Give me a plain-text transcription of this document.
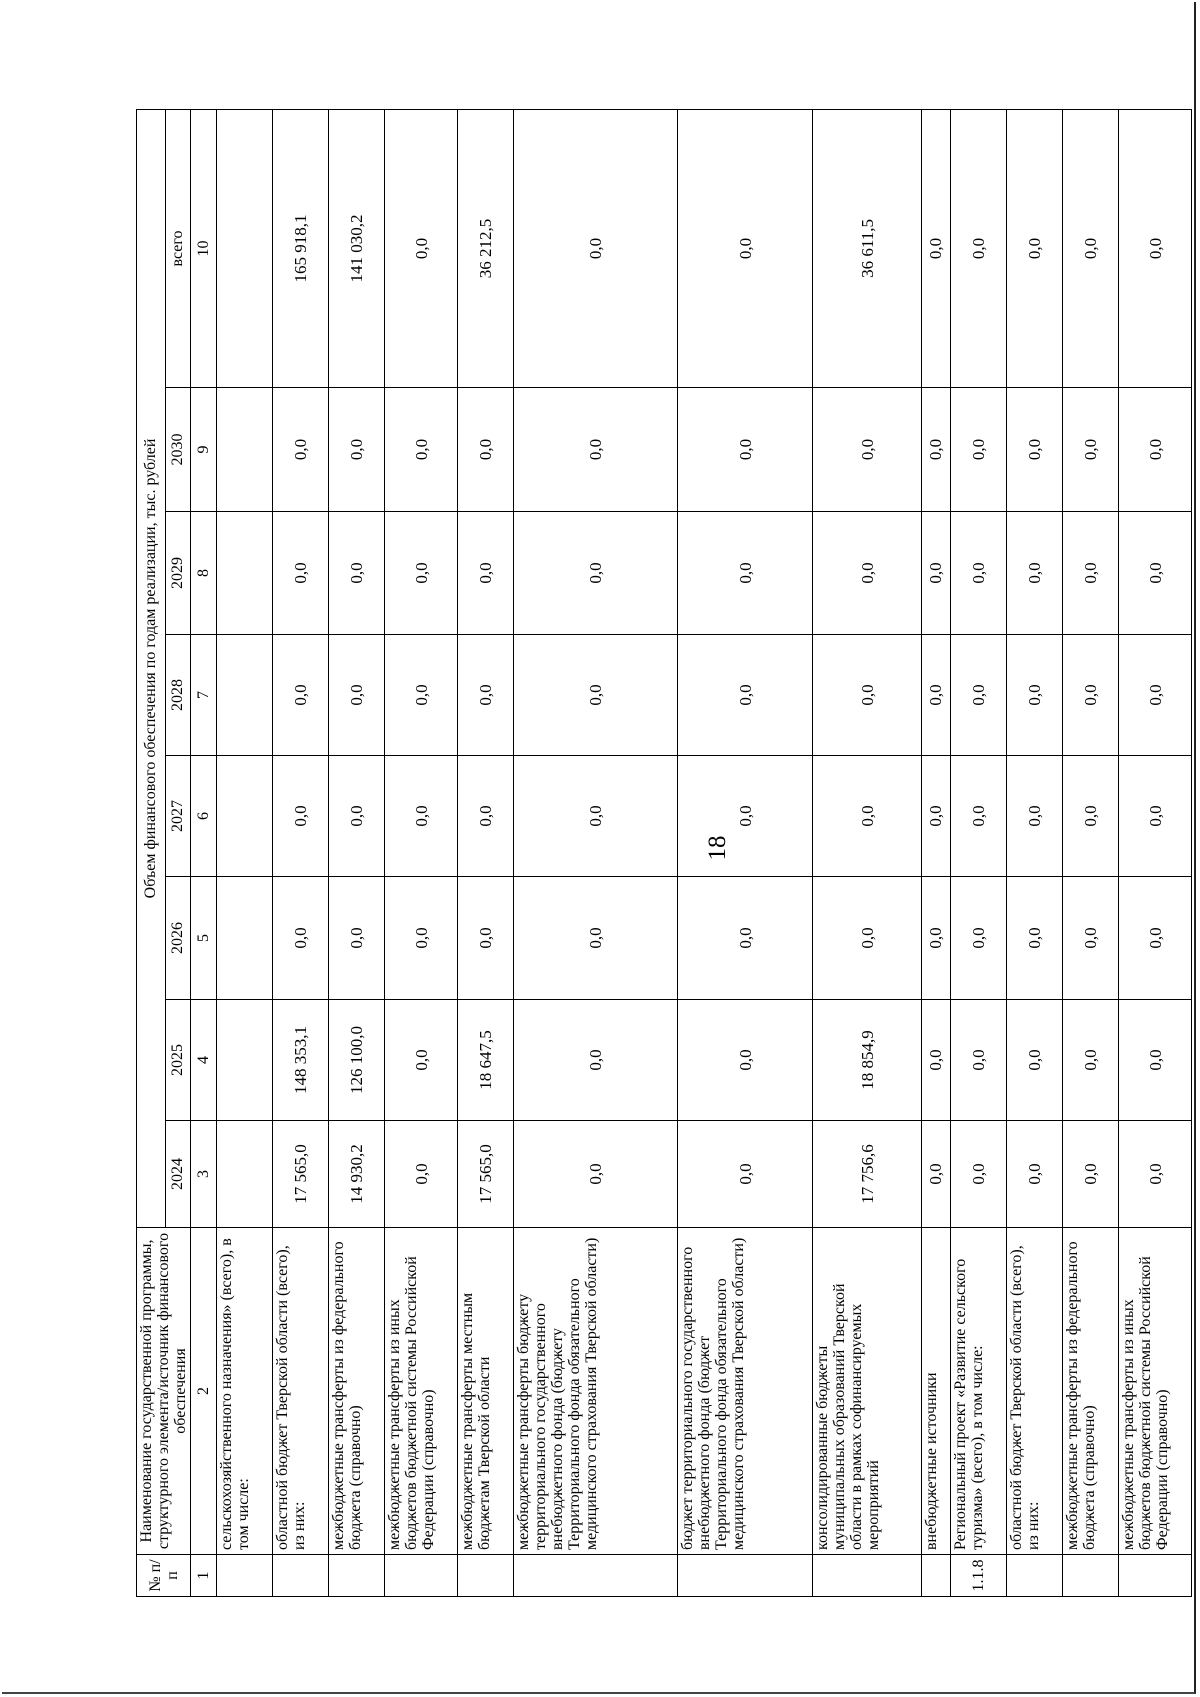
18
№ п/п	Наименование государственной программы, структурного элемента/источник финансового обеспечения	Объем финансового обеспечения по годам реализации, тыс. рублей							
		2024	2025	2026	2027	2028	2029	2030	всего
1	2	3	4	5	6	7	8	9	10
	сельскохозяйственного назначения» (всего), в том числе:								
	областной бюджет Тверской области (всего), из них:	17 565,0	148 353,1	0,0	0,0	0,0	0,0	0,0	165 918,1
	межбюджетные трансферты из федерального бюджета (справочно)	14 930,2	126 100,0	0,0	0,0	0,0	0,0	0,0	141 030,2
	межбюджетные трансферты из иных бюджетов бюджетной системы Российской Федерации (справочно)	0,0	0,0	0,0	0,0	0,0	0,0	0,0	0,0
	межбюджетные трансферты местным бюджетам Тверской области	17 565,0	18 647,5	0,0	0,0	0,0	0,0	0,0	36 212,5
	межбюджетные трансферты бюджету территориального государственного внебюджетного фонда (бюджету Территориального фонда обязательного медицинского страхования Тверской области)	0,0	0,0	0,0	0,0	0,0	0,0	0,0	0,0
	бюджет территориального государственного внебюджетного фонда (бюджет Территориального фонда обязательного медицинского страхования Тверской области)	0,0	0,0	0,0	0,0	0,0	0,0	0,0	0,0
	консолидированные бюджеты муниципальных образований Тверской области в рамках софинансируемых мероприятий	17 756,6	18 854,9	0,0	0,0	0,0	0,0	0,0	36 611,5
	внебюджетные источники	0,0	0,0	0,0	0,0	0,0	0,0	0,0	0,0
1.1.8	Региональный проект «Развитие сельского туризма» (всего), в том числе:	0,0	0,0	0,0	0,0	0,0	0,0	0,0	0,0
	областной бюджет Тверской области (всего), из них:	0,0	0,0	0,0	0,0	0,0	0,0	0,0	0,0
	межбюджетные трансферты из федерального бюджета (справочно)	0,0	0,0	0,0	0,0	0,0	0,0	0,0	0,0
	межбюджетные трансферты из иных бюджетов бюджетной системы Российской Федерации (справочно)	0,0	0,0	0,0	0,0	0,0	0,0	0,0	0,0
